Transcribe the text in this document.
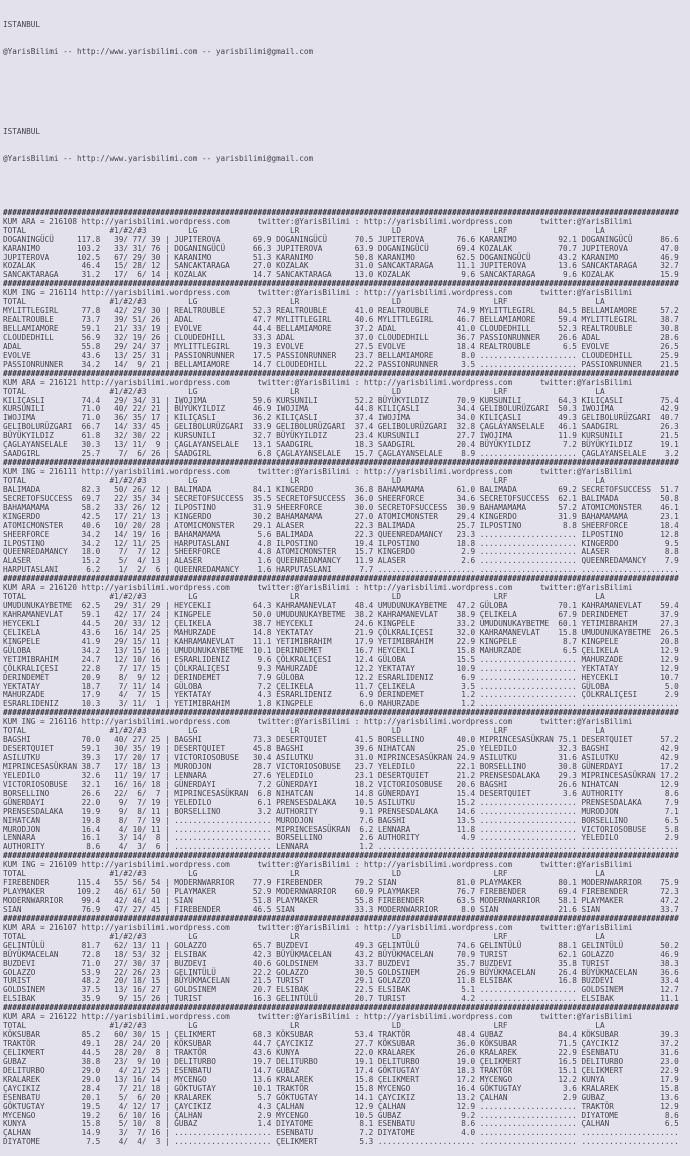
ISTANBUL

@YarisBilimi -- http://www.yarisbilimi.com -- yarisbilimi@gmail.com

ISTANBUL

@YarisBilimi -- http://www.yarisbilimi.com -- yarisbilimi@gmail.com

##################################################################################################################################################
KUM ARA = 216108 http://yarisbilimi.wordpress.com      twitter:@YarisBilimi : http://yarisbilimi.wordpress.com      twitter:@YarisBilimi
TOTAL                  #1/#2/#3         LG                    LR                    LD                    LRF                   LA
DOGANINGÜCÜ     117.8   39/ 77/ 39 | JUPITEROVA       69.9 DOGANINGÜCÜ      70.5 JUPITEROVA       76.6 KARANIMO         92.1 DOGANINGÜCÜ      86.6
KARANIMO        103.2   33/ 31/ 76 | DOGANINGÜCÜ      66.3 JUPITEROVA       63.9 DOGANINGÜCÜ      69.4 KOZALAK          70.7 JUPITEROVA       47.0
JUPITEROVA      102.5   67/ 29/ 30 | KARANIMO         51.3 KARANIMO         50.8 KARANIMO         62.5 DOGANINGÜCÜ      43.2 KARANIMO         46.9
KOZALAK          46.4   15/ 28/ 12 | SANCAKTARAGA     27.0 KOZALAK          31.0 SANCAKTARAGA     11.1 JUPITEROVA       13.6 SANCAKTARAGA     32.7
SANCAKTARAGA     31.2   17/  6/ 14 | KOZALAK          14.7 SANCAKTARAGA     13.0 KOZALAK           9.6 SANCAKTARAGA      9.6 KOZALAK          15.9
##################################################################################################################################################
KUM ING = 216114 http://yarisbilimi.wordpress.com      twitter:@YarisBilimi : http://yarisbilimi.wordpress.com      twitter:@YarisBilimi
TOTAL                  #1/#2/#3         LG                    LR                    LD                    LRF                   LA
MYLITTLEGIRL     77.8   42/ 29/ 30 | REALTROUBLE      52.3 REALTROUBLE      41.0 REALTROUBLE      74.9 MYLITTLEGIRL     84.5 BELLAMIAMORE     57.2
REALTROUBLE      73.7   39/ 51/ 26 | ADAL             47.7 MYLITTLEGIRL     40.6 MYLITTLEGIRL     46.7 BELLAMIAMORE     59.4 MYLITTLEGIRL     38.7
BELLAMIAMORE     59.1   21/ 33/ 19 | EVOLVE           44.4 BELLAMIAMORE     37.2 ADAL             41.0 CLOUDEDHILL      52.3 REALTROUBLE      30.8
CLOUDEDHILL      56.9   32/ 19/ 26 | CLOUDEDHILL      33.3 ADAL             37.0 CLOUDEDHILL      36.7 PASSIONRUNNER    26.6 ADAL             28.6
ADAL             55.8   29/ 24/ 37 | MYLITTLEGIRL     19.3 EVOLVE           27.5 EVOLVE           18.4 REALTROUBLE       6.5 EVOLVE           26.5
EVOLVE           43.6   13/ 25/ 31 | PASSIONRUNNER    17.5 PASSIONRUNNER    23.7 BELLAMIAMORE      8.0 ..................... CLOUDEDHILL      25.9
PASSIONRUNNER    34.2   14/  9/ 21 | BELLAMIAMORE     14.7 CLOUDEDHILL      22.2 PASSIONRUNNER     3.5 ..................... PASSIONRUNNER    21.5
##################################################################################################################################################
KUM ARA = 216121 http://yarisbilimi.wordpress.com      twitter:@YarisBilimi : http://yarisbilimi.wordpress.com      twitter:@YarisBilimi
TOTAL                  #1/#2/#3         LG                    LR                    LD                    LRF                   LA
KILIÇASLI        74.4   29/ 34/ 31 | IWOJIMA          59.6 KURSUNILI        52.2 BÜYÜKYILDIZ      70.9 KURSUNILI        64.3 KILIÇASLI        75.4
KURSUNILI        71.0   40/ 22/ 21 | BÜYÜKYILDIZ      46.9 IWOJIMA          44.8 KILIÇASLI        34.4 GELIBOLURÜZGARI  50.3 IWOJIMA          42.9
IWOJIMA          71.0   36/ 35/ 17 | KILIÇASLI        36.2 KILIÇASLI        37.4 IWOJIMA          34.0 KILIÇASLI        49.3 GELIBOLURÜZGARI  40.7
GELIBOLURÜZGARI  66.7   14/ 33/ 45 | GELIBOLURÜZGARI  33.9 GELIBOLURÜZGARI  37.4 GELIBOLURÜZGARI  32.8 ÇAGLAYANSELALE   46.1 SAADGIRL         26.3
BÜYÜKYILDIZ      61.8   32/ 30/ 22 | KURSUNILI        32.7 BÜYÜKYILDIZ      23.4 KURSUNILI        27.7 IWOJIMA          11.9 KURSUNILI        21.5
ÇAGLAYANSELALE   30.3   13/ 11/  9 | ÇAGLAYANSELALE   13.1 SAADGIRL         18.3 SAADGIRL         20.4 BÜYÜKYILDIZ       7.2 BÜYÜKYILDIZ      19.1
SAADGIRL         25.7    7/  6/ 26 | SAADGIRL          6.8 ÇAGLAYANSELALE   15.7 ÇAGLAYANSELALE    8.9 ..................... ÇAGLAYANSELALE    3.2
##################################################################################################################################################
KUM ING = 216111 http://yarisbilimi.wordpress.com      twitter:@YarisBilimi : http://yarisbilimi.wordpress.com      twitter:@YarisBilimi
TOTAL                  #1/#2/#3         LG                    LR                    LD                    LRF                   LA
BALIMADA         82.3   50/ 26/ 12 | BALIMADA         84.1 KINGERDO         36.8 BAHAMAMAMA       61.0 BALIMADA         69.2 SECRETOFSUCCESS  51.7
SECRETOFSUCCESS  69.7   22/ 35/ 34 | SECRETOFSUCCESS  35.5 SECRETOFSUCCESS  36.0 SHEERFORCE       34.6 SECRETOFSUCCESS  62.1 BALIMADA         50.8
BAHAMAMAMA       58.2   33/ 26/ 12 | ILPOSTINO        31.9 SHEERFORCE       30.0 SECRETOFSUCCESS  30.9 BAHAMAMAMA       57.2 ATOMICMONSTER    46.1
KINGERDO         42.5   17/ 21/ 13 | KINGERDO         30.2 BAHAMAMAMA       27.0 ATOMICMONSTER    29.4 KINGERDO         31.9 BAHAMAMAMA       23.1
ATOMICMONSTER    40.6   10/ 20/ 28 | ATOMICMONSTER    29.1 ALASER           22.3 BALIMADA         25.7 ILPOSTINO         8.8 SHEERFORCE       18.4
SHEERFORCE       34.2   14/ 19/ 16 | BAHAMAMAMA        5.6 BALIMADA         22.3 QUEENREDAMANCY   23.3 ..................... ILPOSTINO        12.8
ILPOSTINO        34.2   12/ 11/ 25 | HARPUTASLANI      4.8 ILPOSTINO        19.4 ILPOSTINO        18.8 ..................... KINGERDO          9.5
QUEENREDAMANCY   18.0    7/  7/ 12 | SHEERFORCE        4.8 ATOMICMONSTER    15.7 KINGERDO          2.9 ..................... ALASER            8.8
ALASER           15.2    5/  4/ 13 | ALASER            1.6 QUEENREDAMANCY   11.9 ALASER            2.6 ..................... QUEENREDAMANCY    7.9
HARPUTASLANI      6.2    1/  2/  6 | QUEENREDAMANCY    1.6 HARPUTASLANI      7.7 ..................... ..................... .....................
##################################################################################################################################################
KUM ARA = 216120 http://yarisbilimi.wordpress.com      twitter:@YarisBilimi : http://yarisbilimi.wordpress.com      twitter:@YarisBilimi
TOTAL                  #1/#2/#3         LG                    LR                    LD                    LRF                   LA
UMUDUNUKAYBETME  62.5   29/ 31/ 29 | HEYCEKLI         64.3 KAHRAMANEVLAT    48.4 UMUDUNUKAYBETME  47.2 GÜLOBA           70.1 KAHRAMANEVLAT    59.4
KAHRAMANEVLAT    59.1   42/ 17/ 24 | KINGPELE         50.0 UMUDUNUKAYBETME  38.2 KAHRAMANEVLAT    38.9 ÇELIKELA         67.9 DERINDEMET       37.9
HEYCEKLI         44.5   20/ 33/ 12 | ÇELIKELA         38.7 HEYCEKLI         24.6 KINGPELE         33.2 UMUDUNUKAYBETME  60.1 YETIMIBRAHIM     27.3
ÇELIKELA         43.6   16/ 14/ 25 | MAHURZADE        14.8 YEKTATAY         21.9 ÇÖLKRALIÇESI     32.0 KAHRAMANEVLAT    15.8 UMUDUNUKAYBETME  26.5
KINGPELE         41.9   29/ 15/ 11 | KAHRAMANEVLAT    11.1 YETIMIBRAHIM     17.9 YETIMIBRAHIM     22.9 KINGPELE          8.7 KINGPELE         20.8
GÜLOBA           34.2   13/ 15/ 16 | UMUDUNUKAYBETME  10.1 DERINDEMET       16.7 HEYCEKLI         15.8 MAHURZADE         6.5 ÇELIKELA         12.9
YETIMIBRAHIM     24.7   12/ 10/ 16 | ESRARLIDENIZ      9.6 ÇÖLKRALIÇESI     12.4 GÜLOBA           15.5 ..................... MAHURZADE        12.9
ÇÖLKRALIÇESI     22.8    7/ 17/ 15 | ÇÖLKRALIÇESI      9.3 MAHURZADE        12.2 YEKTATAY         10.9 ..................... YEKTATAY         12.9
DERINDEMET       20.9    8/  9/ 12 | DERINDEMET        7.9 GÜLOBA           12.2 ESRARLIDENIZ      6.9 ..................... HEYCEKLI         10.7
YEKTATAY         18.7    7/ 11/ 14 | GÜLOBA            7.2 ÇELIKELA         11.7 ÇELIKELA          3.5 ..................... GÜLOBA            5.0
MAHURZADE        17.9    4/  7/ 15 | YEKTATAY          4.3 ESRARLIDENIZ      6.9 DERINDEMET        1.2 ..................... ÇÖLKRALIÇESI      2.9
ESRARLIDENIZ     10.3    3/ 11/  1 | YETIMIBRAHIM      1.8 KINGPELE          6.0 MAHURZADE         1.2 ..................... .....................
##################################################################################################################################################
KUM ING = 216116 http://yarisbilimi.wordpress.com      twitter:@YarisBilimi : http://yarisbilimi.wordpress.com      twitter:@YarisBilimi
TOTAL                  #1/#2/#3         LG                    LR                    LD                    LRF                   LA
BAGSHI           70.0   40/ 27/ 25 | BAGSHI           73.3 DESERTQUIET      41.5 BORSELLINO       40.0 MIPRINCESASÜKRAN 75.1 DESERTQUIET      57.2
DESERTQUIET      59.1   30/ 35/ 19 | DESERTQUIET      45.8 BAGSHI           39.6 NIHATCAN         25.0 YELEDILO         32.3 BAGSHI           42.9
ASILUTKU         39.3   17/ 20/ 17 | VICTORIOSOBUSE   30.4 ASILUTKU         31.0 MIPRINCESASÜKRAN 24.9 ASILUTKU         31.6 ASILUTKU         42.9
MIPRINCESASÜKRAN 38.7   17/ 18/ 13 | MURODJON         28.7 VICTORIOSOBUSE   23.7 YELEDILO         22.1 BORSELLINO       30.8 GÜNERDAYI        17.2
YELEDILO         32.6   11/ 19/ 17 | LENNARA          27.6 YELEDILO         23.1 DESERTQUIET      21.2 PRENSESDALAKA    29.3 MIPRINCESASÜKRAN 17.2
VICTORIOSOBUSE   32.1   16/ 16/ 18 | GÜNERDAYI         7.2 GÜNERDAYI        18.2 VICTORIOSOBUSE   20.6 BAGSHI           26.6 NIHATCAN         12.9
BORSELLINO       26.6   22/  6/  7 | MIPRINCESASÜKRAN  6.8 NIHATCAN         14.8 GÜNERDAYI        15.4 DESERTQUIET       3.6 AUTHORITY         8.6
GÜNERDAYI        22.0    9/  7/ 19 | YELEDILO          6.1 PRENSESDALAKA    10.5 ASILUTKU         15.2 ..................... PRENSESDALAKA     7.9
PRENSESDALAKA    19.9    9/  8/ 11 | BORSELLINO        3.2 AUTHORITY         9.1 PRENSESDALAKA    14.6 ..................... MURODJON          7.1
NIHATCAN         19.8    8/  7/ 19 | ..................... MURODJON          7.6 BAGSHI           13.5 ..................... BORSELLINO        6.5
MURODJON         16.4    4/ 10/ 11 | ..................... MIPRINCESASÜKRAN  6.2 LENNARA          11.8 ..................... VICTORIOSOBUSE    5.8
LENNARA          16.1    3/ 14/  8 | ..................... BORSELLINO        2.6 AUTHORITY         4.9 ..................... YELEDILO          2.9
AUTHORITY         8.6    4/  3/  6 | ..................... LENNARA           1.2 ..................... ..................... .....................
##################################################################################################################################################
KUM ING = 216109 http://yarisbilimi.wordpress.com      twitter:@YarisBilimi : http://yarisbilimi.wordpress.com      twitter:@YarisBilimi
TOTAL                  #1/#2/#3         LG                    LR                    LD                    LRF                   LA
FIREBENDER      115.4   55/ 56/ 54 | MODERNWARRIOR    77.9 FIREBENDER       79.2 SIAN             81.0 PLAYMAKER        80.1 MODERNWARRIOR    75.9
PLAYMAKER       109.2   46/ 61/ 50 | PLAYMAKER        52.9 MODERNWARRIOR    60.9 PLAYMAKER        76.7 FIREBENDER       69.4 FIREBENDER       72.3
MODERNWARRIOR    99.4   42/ 46/ 41 | SIAN             51.8 PLAYMAKER        55.8 FIREBENDER       63.5 MODERNWARRIOR    58.1 PLAYMAKER        47.2
SIAN             76.9   47/ 27/ 45 | FIREBENDER       46.5 SIAN             33.3 MODERNWARRIOR     8.0 SIAN             21.6 SIAN             33.7
##################################################################################################################################################
KUM ARA = 216107 http://yarisbilimi.wordpress.com      twitter:@YarisBilimi : http://yarisbilimi.wordpress.com      twitter:@YarisBilimi
TOTAL                  #1/#2/#3         LG                    LR                    LD                    LRF                   LA
GELINTÜLÜ        81.7   62/ 13/ 11 | GOLAZZO          65.7 BUZDEVI          49.3 GELINTÜLÜ        74.6 GELINTÜLÜ        88.1 GELINTÜLÜ        50.2
BÜYÜKMACELAN     72.8   18/ 53/ 32 | ELSIBAK          42.3 BÜYÜKMACELAN     43.2 BÜYÜKMACELAN     70.9 TURIST           62.1 GOLAZZO          46.9
BUZDEVI          71.0   27/ 30/ 37 | BUZDEVI          40.6 GOLDSINEM        33.7 BUZDEVI          35.7 BUZDEVI          35.8 TURIST           38.3
GOLAZZO          53.9   22/ 26/ 23 | GELINTÜLÜ        22.2 GOLAZZO          30.5 GOLDSINEM        26.9 BÜYÜKMACELAN     26.4 BÜYÜKMACELAN     36.6
TURIST           48.2   20/ 18/ 15 | BÜYÜKMACELAN     21.5 TURIST           29.1 GOLAZZO          11.8 ELSIBAK          16.8 BUZDEVI          33.4
GOLDSINEM        37.5   13/ 16/ 27 | GOLDSINEM        20.7 ELSIBAK          22.5 ELSIBAK           5.1 ..................... GOLDSINEM        12.7
ELSIBAK          35.9    9/ 15/ 26 | TURIST           16.3 GELINTÜLÜ        20.7 TURIST            4.2 ..................... ELSIBAK          11.1
##################################################################################################################################################
KUM ARA = 216122 http://yarisbilimi.wordpress.com      twitter:@YarisBilimi : http://yarisbilimi.wordpress.com      twitter:@YarisBilimi
TOTAL                  #1/#2/#3         LG                    LR                    LD                    LRF                   LA
KÖKSUBAR         85.2   60/ 30/ 15 | ÇELIKMERT        68.3 KÖKSUBAR         53.4 TRAKTÖR          48.4 GUBAZ            84.4 KÖKSUBAR         39.3
TRAKTÖR          49.1   28/ 24/ 20 | KÖKSUBAR         44.7 ÇAYCIKIZ         27.7 KÖKSUBAR         36.0 KÖKSUBAR         71.5 ÇAYCIKIZ         37.2
ÇELIKMERT        44.5   28/ 20/  8 | TRAKTÖR          43.6 KUNYA            22.0 KRALAREK         26.0 KRALAREK         22.9 ESENBATU         31.6
GUBAZ            38.8   23/  9/ 10 | DELITURBO        19.7 DELITURBO        19.1 DELITURBO        19.0 ÇELIKMERT        16.5 DELITURBO        23.0
DELITURBO        29.0    4/ 21/ 25 | ESENBATU         14.7 GUBAZ            17.4 GÖKTUGTAY        18.3 TRAKTÖR          15.1 ÇELIKMERT        22.9
KRALAREK         29.0   13/ 16/ 14 | MYCENGO          13.6 KRALAREK         15.8 ÇELIKMERT        17.2 MYCENGO          12.2 KUNYA            17.9
ÇAYCIKIZ         28.4    7/ 21/ 18 | GÖKTUGTAY        10.1 TRAKTÖR          15.8 MYCENGO          16.4 GÖKTUGTAY         3.6 KRALAREK         15.8
ESENBATU         20.1    5/  6/ 20 | KRALAREK          5.7 GÖKTUGTAY        14.1 ÇAYCIKIZ         13.2 ÇALHAN            2.9 GUBAZ            13.6
GÖKTUGTAY        19.5    4/ 12/ 17 | ÇAYCIKIZ          4.3 ÇALHAN           12.9 ÇALHAN           12.9 ..................... TRAKTÖR          12.9
MYCENGO          19.2    6/ 10/ 16 | ÇALHAN            2.9 MYCENGO          10.5 GUBAZ             9.2 ..................... DIYATOME          8.6
KUNYA            15.8    5/ 10/  8 | GUBAZ             1.4 DIYATOME          8.1 ESENBATU          8.6 ..................... ÇALHAN            6.5
ÇALHAN           14.9    3/  7/ 16 | ..................... ESENBATU          7.2 DIYATOME          4.0 ..................... .....................
DIYATOME          7.5    4/  4/  3 | ..................... ÇELIKMERT         5.3 ..................... ..................... .....................
